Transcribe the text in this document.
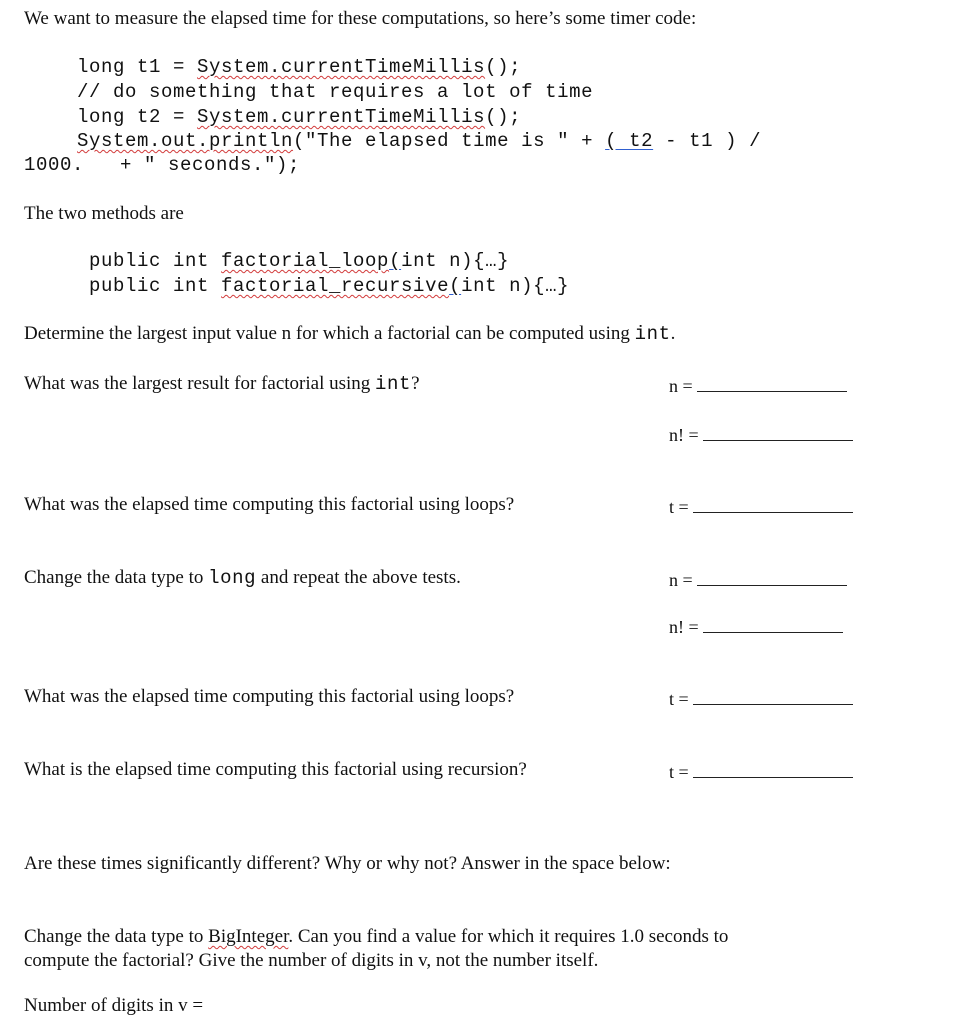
We want to measure the elapsed time for these computations, so here’s some timer code:
long t1 = System.currentTimeMillis();
// do something that requires a lot of time
long t2 = System.currentTimeMillis();
System.out.println("The elapsed time is " + ( t2 - t1 ) /
1000.   + " seconds.");
The two methods are
public int factorial_loop(int n){…}
public int factorial_recursive(int n){…}
Determine the largest input value n for which a factorial can be computed using int.
What was the largest result for factorial using int?	n =
n! =
What was the elapsed time computing this factorial using loops?	t =
Change the data type to long and repeat the above tests.	n =
n! =
What was the elapsed time computing this factorial using loops?	t =
What is the elapsed time computing this factorial using recursion?	t =
Are these times significantly different? Why or why not? Answer in the space below:
Change the data type to BigInteger. Can you find a value for which it requires 1.0 seconds to
compute the factorial? Give the number of digits in v, not the number itself.
Number of digits in v =
